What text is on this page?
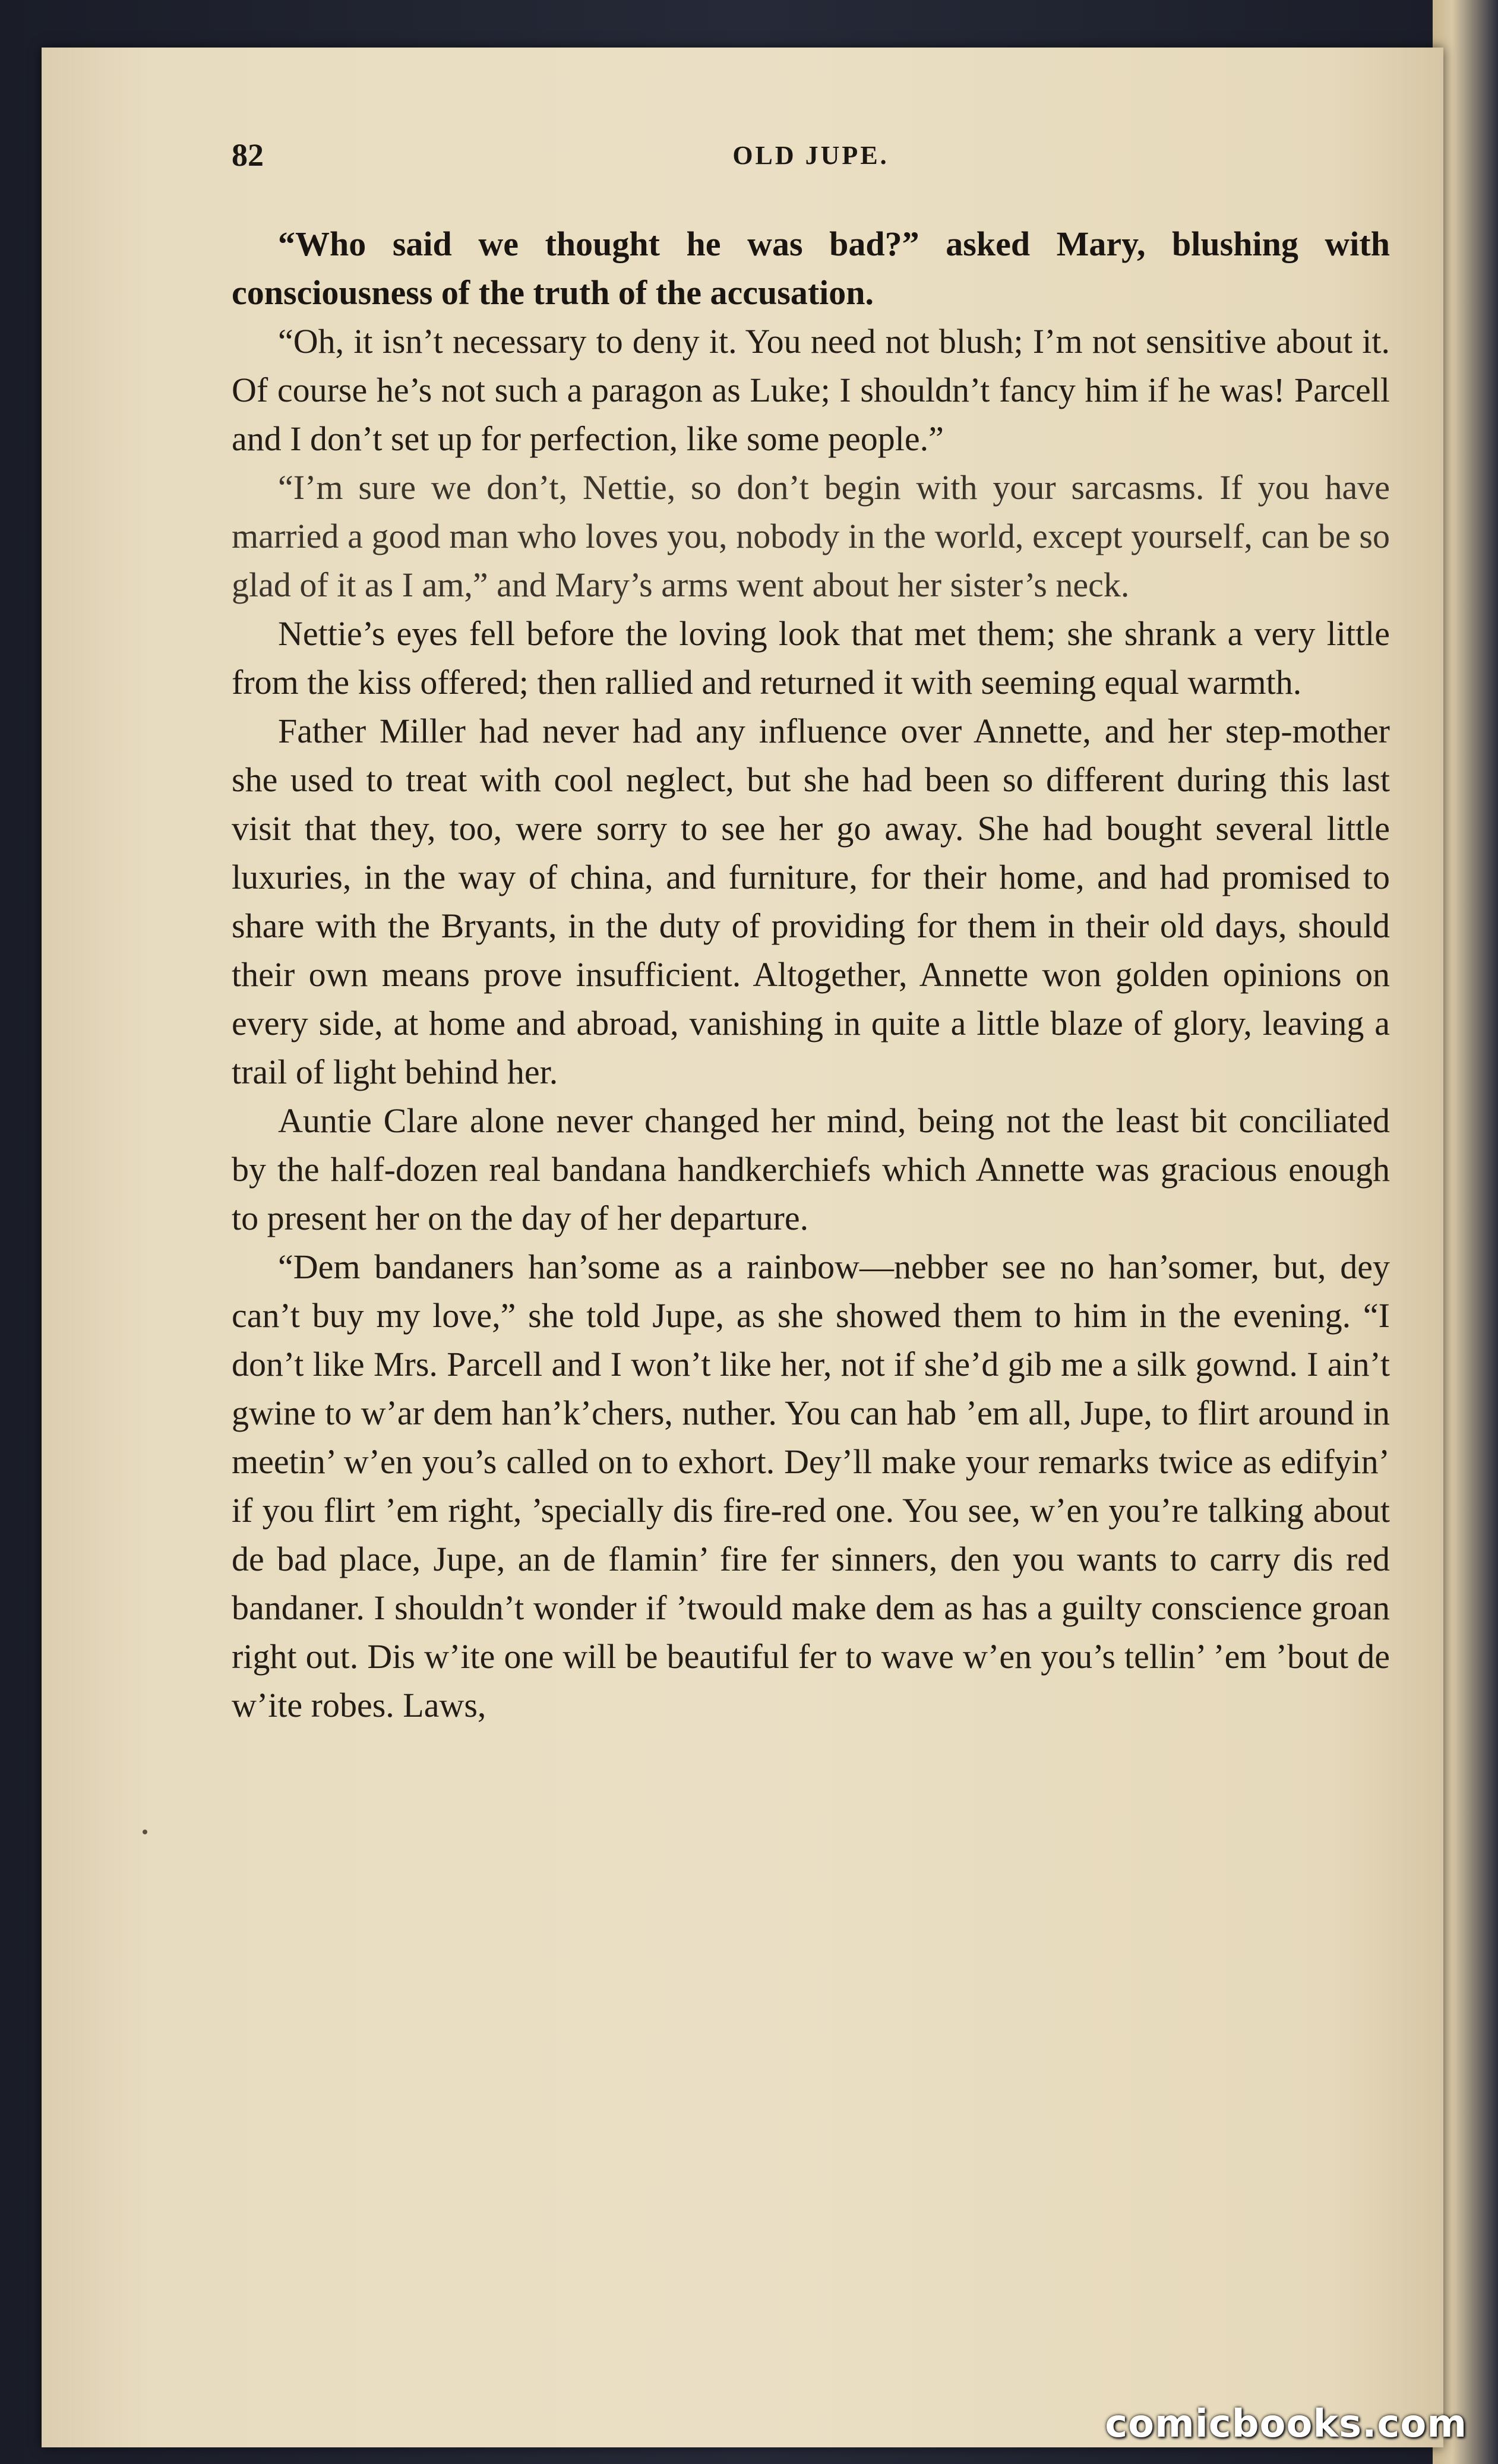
82	OLD JUPE.

“Who said we thought he was bad?” asked Mary, blushing with consciousness of the truth of the accusation.

“Oh, it isn’t necessary to deny it. You need not blush; I’m not sensitive about it. Of course he’s not such a paragon as Luke; I shouldn’t fancy him if he was! Parcell and I don’t set up for perfection, like some people.”

“I’m sure we don’t, Nettie, so don’t begin with your sarcasms. If you have married a good man who loves you, nobody in the world, except yourself, can be so glad of it as I am,” and Mary’s arms went about her sister’s neck.

Nettie’s eyes fell before the loving look that met them; she shrank a very little from the kiss offered; then rallied and returned it with seeming equal warmth.

Father Miller had never had any influence over Annette, and her step-mother she used to treat with cool neglect, but she had been so different during this last visit that they, too, were sorry to see her go away. She had bought several little luxuries, in the way of china, and furniture, for their home, and had promised to share with the Bryants, in the duty of providing for them in their old days, should their own means prove insufficient. Altogether, Annette won golden opinions on every side, at home and abroad, vanishing in quite a little blaze of glory, leaving a trail of light behind her.

Auntie Clare alone never changed her mind, being not the least bit conciliated by the half-dozen real bandana handkerchiefs which Annette was gracious enough to present her on the day of her departure.

“Dem bandaners han’some as a rainbow—nebber see no han’somer, but, dey can’t buy my love,” she told Jupe, as she showed them to him in the evening. “I don’t like Mrs. Parcell and I won’t like her, not if she’d gib me a silk gownd. I ain’t gwine to w’ar dem han’k’chers, nuther. You can hab ’em all, Jupe, to flirt around in meetin’ w’en you’s called on to exhort. Dey’ll make your remarks twice as edifyin’ if you flirt ’em right, ’specially dis fire-red one. You see, w’en you’re talking about de bad place, Jupe, an de flamin’ fire fer sinners, den you wants to carry dis red bandaner. I shouldn’t wonder if ’twould make dem as has a guilty conscience groan right out. Dis w’ite one will be beautiful fer to wave w’en you’s tellin’ ’em ’bout de w’ite robes. Laws,

comicbooks.com
